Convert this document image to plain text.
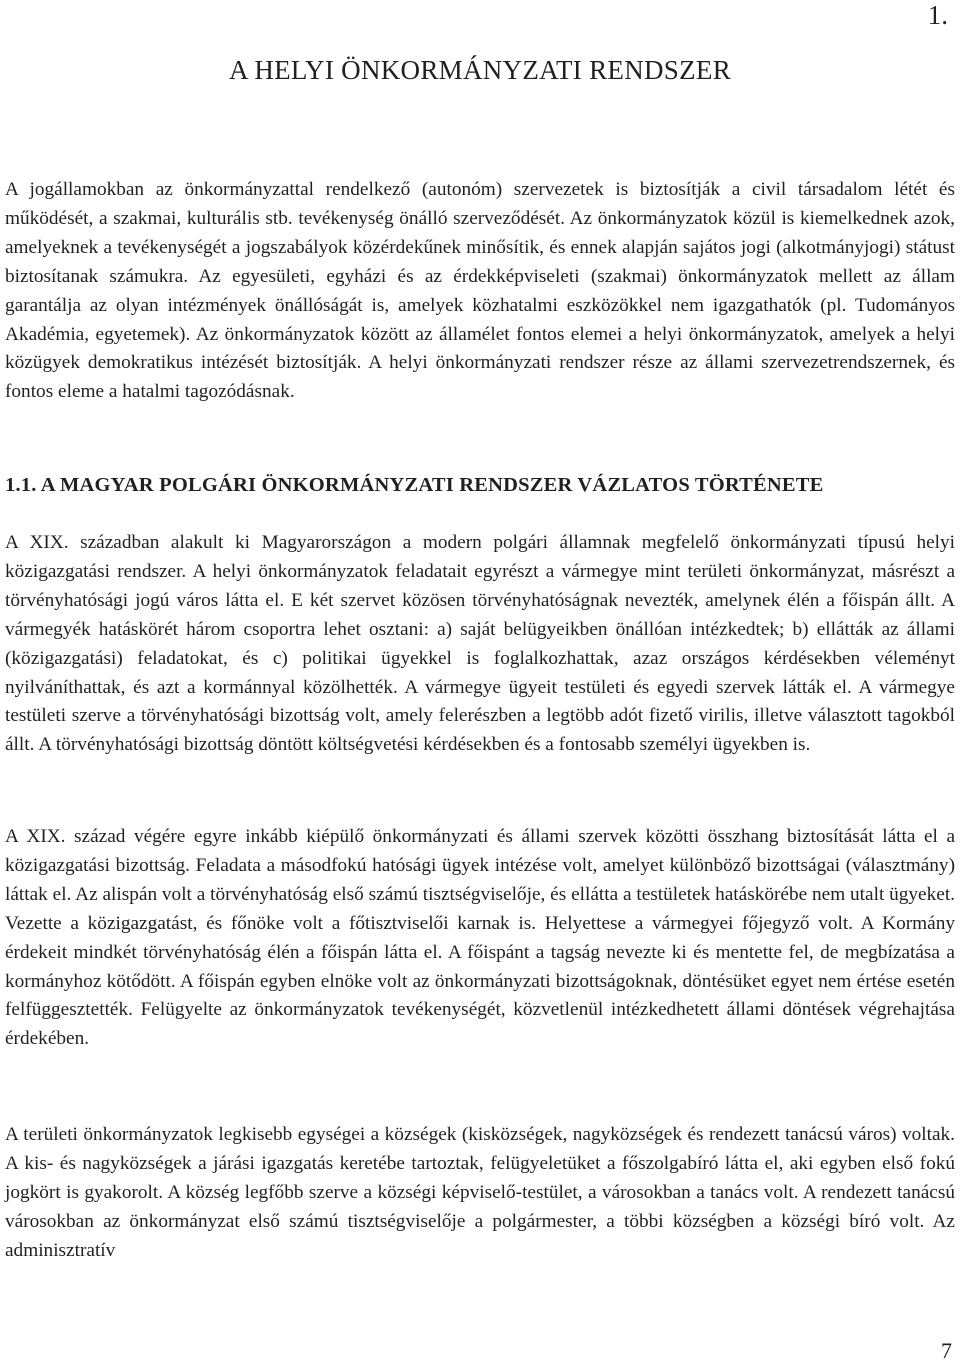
1.
A HELYI ÖNKORMÁNYZATI RENDSZER

A jogállamokban az önkormányzattal rendelkező (autonóm) szervezetek is biztosítják a civil társadalom létét és működését, a szakmai, kulturális stb. tevékenység önálló szerveződését. Az önkormányzatok közül is kiemelkednek azok, amelyeknek a tevékenységét a jogszabályok közérdekűnek minősítik, és ennek alapján sajátos jogi (alkotmányjogi) státust biztosítanak számukra. Az egyesületi, egyházi és az érdekképviseleti (szakmai) önkormányzatok mellett az állam garantálja az olyan intézmények önállóságát is, amelyek közhatalmi eszközökkel nem igazgathatók (pl. Tudományos Akadémia, egyetemek). Az önkormányzatok között az államélet fontos elemei a helyi önkormányzatok, amelyek a helyi közügyek demokratikus intézését biztosítják. A helyi önkormányzati rendszer része az állami szervezetrendszernek, és fontos eleme a hatalmi tagozódásnak.

1.1. A MAGYAR POLGÁRI ÖNKORMÁNYZATI RENDSZER VÁZLATOS TÖRTÉNETE

A XIX. században alakult ki Magyarországon a modern polgári államnak megfelelő önkormányzati típusú helyi közigazgatási rendszer. A helyi önkormányzatok feladatait egyrészt a vármegye mint területi önkormányzat, másrészt a törvényhatósági jogú város látta el. E két szervet közösen törvényhatóságnak nevezték, amelynek élén a főispán állt. A vármegyék hatáskörét három csoportra lehet osztani: a) saját belügyeikben önállóan intézkedtek; b) ellátták az állami (közigazgatási) feladatokat, és c) politikai ügyekkel is foglalkozhattak, azaz országos kérdésekben véleményt nyilváníthattak, és azt a kormánnyal közölhették. A vármegye ügyeit testületi és egyedi szervek látták el. A vármegye testületi szerve a törvényhatósági bizottság volt, amely felerészben a legtöbb adót fizető virilis, illetve választott tagokból állt. A törvényhatósági bizottság döntött költségvetési kérdésekben és a fontosabb személyi ügyekben is.

A XIX. század végére egyre inkább kiépülő önkormányzati és állami szervek közötti összhang biztosítását látta el a közigazgatási bizottság. Feladata a másodfokú hatósági ügyek intézése volt, amelyet különböző bizottságai (választmány) láttak el. Az alispán volt a törvényhatóság első számú tisztségviselője, és ellátta a testületek hatáskörébe nem utalt ügyeket. Vezette a közigazgatást, és főnöke volt a főtisztviselői karnak is. Helyettese a vármegyei főjegyző volt. A Kormány érdekeit mindkét törvényhatóság élén a főispán látta el. A főispánt a tagság nevezte ki és mentette fel, de megbízatása a kormányhoz kötődött. A főispán egyben elnöke volt az önkormányzati bizottságoknak, döntésüket egyet nem értése esetén felfüggesztették. Felügyelte az önkormányzatok tevékenységét, közvetlenül intézkedhetett állami döntések végrehajtása érdekében.

A területi önkormányzatok legkisebb egységei a községek (kisközségek, nagyközségek és rendezett tanácsú város) voltak. A kis- és nagyközségek a járási igazgatás keretébe tartoztak, felügyeletüket a főszolgabíró látta el, aki egyben első fokú jogkört is gyakorolt. A község legfőbb szerve a községi képviselő-testület, a városokban a tanács volt. A rendezett tanácsú városokban az önkormányzat első számú tisztségviselője a polgármester, a többi községben a községi bíró volt. Az adminisztratív

7
